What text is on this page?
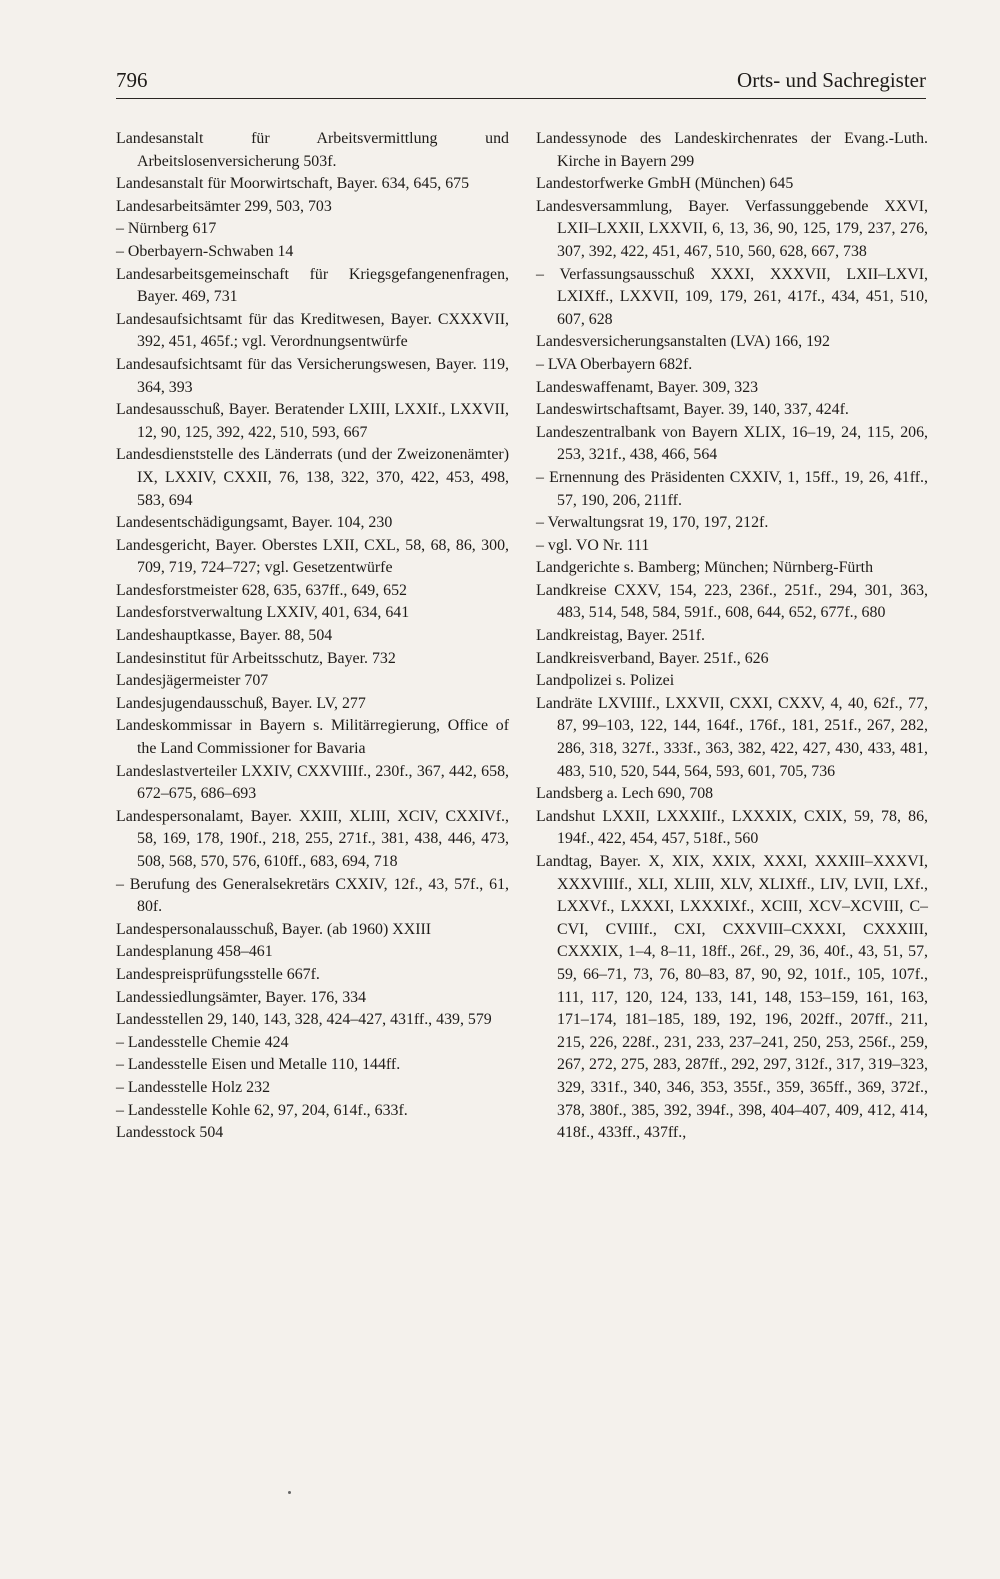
796	Orts- und Sachregister

Landesanstalt für Arbeitsvermittlung und Arbeitslosenversicherung 503f.

Landesanstalt für Moorwirtschaft, Bayer. 634, 645, 675

Landesarbeitsämter 299, 503, 703

– Nürnberg 617

– Oberbayern-Schwaben 14

Landesarbeitsgemeinschaft für Kriegsgefangenenfragen, Bayer. 469, 731

Landesaufsichtsamt für das Kreditwesen, Bayer. CXXXVII, 392, 451, 465f.; vgl. Verordnungsentwürfe

Landesaufsichtsamt für das Versicherungswesen, Bayer. 119, 364, 393

Landesausschuß, Bayer. Beratender LXIII, LXXIf., LXXVII, 12, 90, 125, 392, 422, 510, 593, 667

Landesdienststelle des Länderrats (und der Zweizonenämter) IX, LXXIV, CXXII, 76, 138, 322, 370, 422, 453, 498, 583, 694

Landesentschädigungsamt, Bayer. 104, 230

Landesgericht, Bayer. Oberstes LXII, CXL, 58, 68, 86, 300, 709, 719, 724–727; vgl. Gesetzentwürfe

Landesforstmeister 628, 635, 637ff., 649, 652

Landesforstverwaltung LXXIV, 401, 634, 641

Landeshauptkasse, Bayer. 88, 504

Landesinstitut für Arbeitsschutz, Bayer. 732

Landesjägermeister 707

Landesjugendausschuß, Bayer. LV, 277

Landeskommissar in Bayern s. Militärregierung, Office of the Land Commissioner for Bavaria

Landeslastverteiler LXXIV, CXXVIIIf., 230f., 367, 442, 658, 672–675, 686–693

Landespersonalamt, Bayer. XXIII, XLIII, XCIV, CXXIVf., 58, 169, 178, 190f., 218, 255, 271f., 381, 438, 446, 473, 508, 568, 570, 576, 610ff., 683, 694, 718

– Berufung des Generalsekretärs CXXIV, 12f., 43, 57f., 61, 80f.

Landespersonalausschuß, Bayer. (ab 1960) XXIII

Landesplanung 458–461

Landespreisprüfungsstelle 667f.

Landessiedlungsämter, Bayer. 176, 334

Landesstellen 29, 140, 143, 328, 424–427, 431ff., 439, 579

– Landesstelle Chemie 424

– Landesstelle Eisen und Metalle 110, 144ff.

– Landesstelle Holz 232

– Landesstelle Kohle 62, 97, 204, 614f., 633f.

Landesstock 504

Landessynode des Landeskirchenrates der Evang.-Luth. Kirche in Bayern 299

Landestorfwerke GmbH (München) 645

Landesversammlung, Bayer. Verfassunggebende XXVI, LXII–LXXII, LXXVII, 6, 13, 36, 90, 125, 179, 237, 276, 307, 392, 422, 451, 467, 510, 560, 628, 667, 738

– Verfassungsausschuß XXXI, XXXVII, LXII–LXVI, LXIXff., LXXVII, 109, 179, 261, 417f., 434, 451, 510, 607, 628

Landesversicherungsanstalten (LVA) 166, 192

– LVA Oberbayern 682f.

Landeswaffenamt, Bayer. 309, 323

Landeswirtschaftsamt, Bayer. 39, 140, 337, 424f.

Landeszentralbank von Bayern XLIX, 16–19, 24, 115, 206, 253, 321f., 438, 466, 564

– Ernennung des Präsidenten CXXIV, 1, 15ff., 19, 26, 41ff., 57, 190, 206, 211ff.

– Verwaltungsrat 19, 170, 197, 212f.

– vgl. VO Nr. 111

Landgerichte s. Bamberg; München; Nürnberg-Fürth

Landkreise CXXV, 154, 223, 236f., 251f., 294, 301, 363, 483, 514, 548, 584, 591f., 608, 644, 652, 677f., 680

Landkreistag, Bayer. 251f.

Landkreisverband, Bayer. 251f., 626

Landpolizei s. Polizei

Landräte LXVIIIf., LXXVII, CXXI, CXXV, 4, 40, 62f., 77, 87, 99–103, 122, 144, 164f., 176f., 181, 251f., 267, 282, 286, 318, 327f., 333f., 363, 382, 422, 427, 430, 433, 481, 483, 510, 520, 544, 564, 593, 601, 705, 736

Landsberg a. Lech 690, 708

Landshut LXXII, LXXXIIf., LXXXIX, CXIX, 59, 78, 86, 194f., 422, 454, 457, 518f., 560

Landtag, Bayer. X, XIX, XXIX, XXXI, XXXIII–XXXVI, XXXVIIIf., XLI, XLIII, XLV, XLIXff., LIV, LVII, LXf., LXXVf., LXXXI, LXXXIXf., XCIII, XCV–XCVIII, C–CVI, CVIIIf., CXI, CXXVIII–CXXXI, CXXXIII, CXXXIX, 1–4, 8–11, 18ff., 26f., 29, 36, 40f., 43, 51, 57, 59, 66–71, 73, 76, 80–83, 87, 90, 92, 101f., 105, 107f., 111, 117, 120, 124, 133, 141, 148, 153–159, 161, 163, 171–174, 181–185, 189, 192, 196, 202ff., 207ff., 211, 215, 226, 228f., 231, 233, 237–241, 250, 253, 256f., 259, 267, 272, 275, 283, 287ff., 292, 297, 312f., 317, 319–323, 329, 331f., 340, 346, 353, 355f., 359, 365ff., 369, 372f., 378, 380f., 385, 392, 394f., 398, 404–407, 409, 412, 414, 418f., 433ff., 437ff.,
